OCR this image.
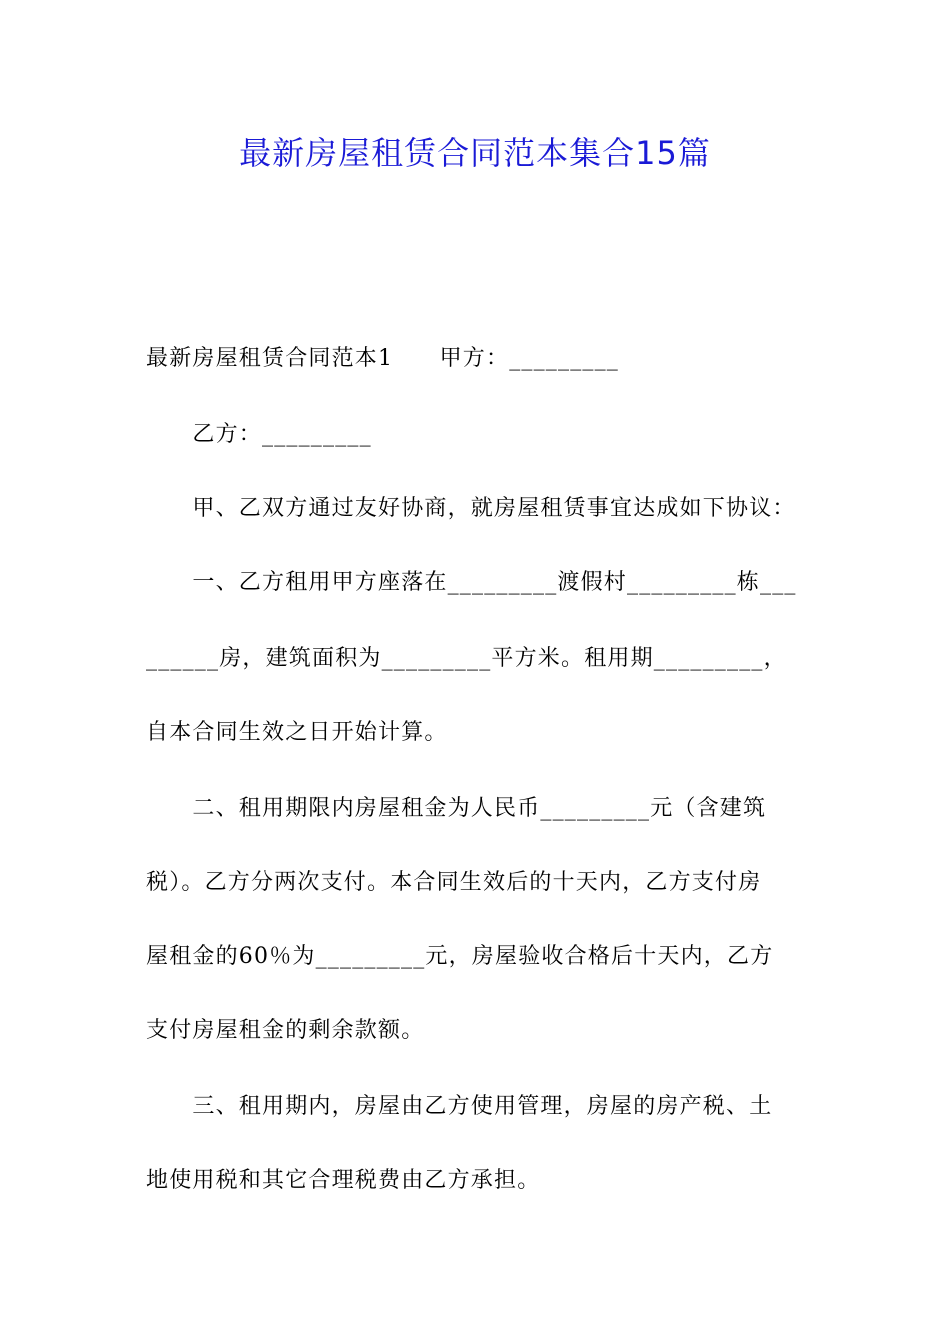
最新房屋租赁合同范本集合15篇
最新房屋租赁合同范本1　　甲方：_________
　　乙方：_________
　　甲、乙双方通过友好协商，就房屋租赁事宜达成如下协议：
　　一、乙方租用甲方座落在_________渡假村_________栋___
______房，建筑面积为_________平方米。租用期_________，
自本合同生效之日开始计算。
　　二、租用期限内房屋租金为人民币_________元（含建筑
税）。乙方分两次支付。本合同生效后的十天内，乙方支付房
屋租金的60％为_________元，房屋验收合格后十天内，乙方
支付房屋租金的剩余款额。
　　三、租用期内，房屋由乙方使用管理，房屋的房产税、土
地使用税和其它合理税费由乙方承担。
